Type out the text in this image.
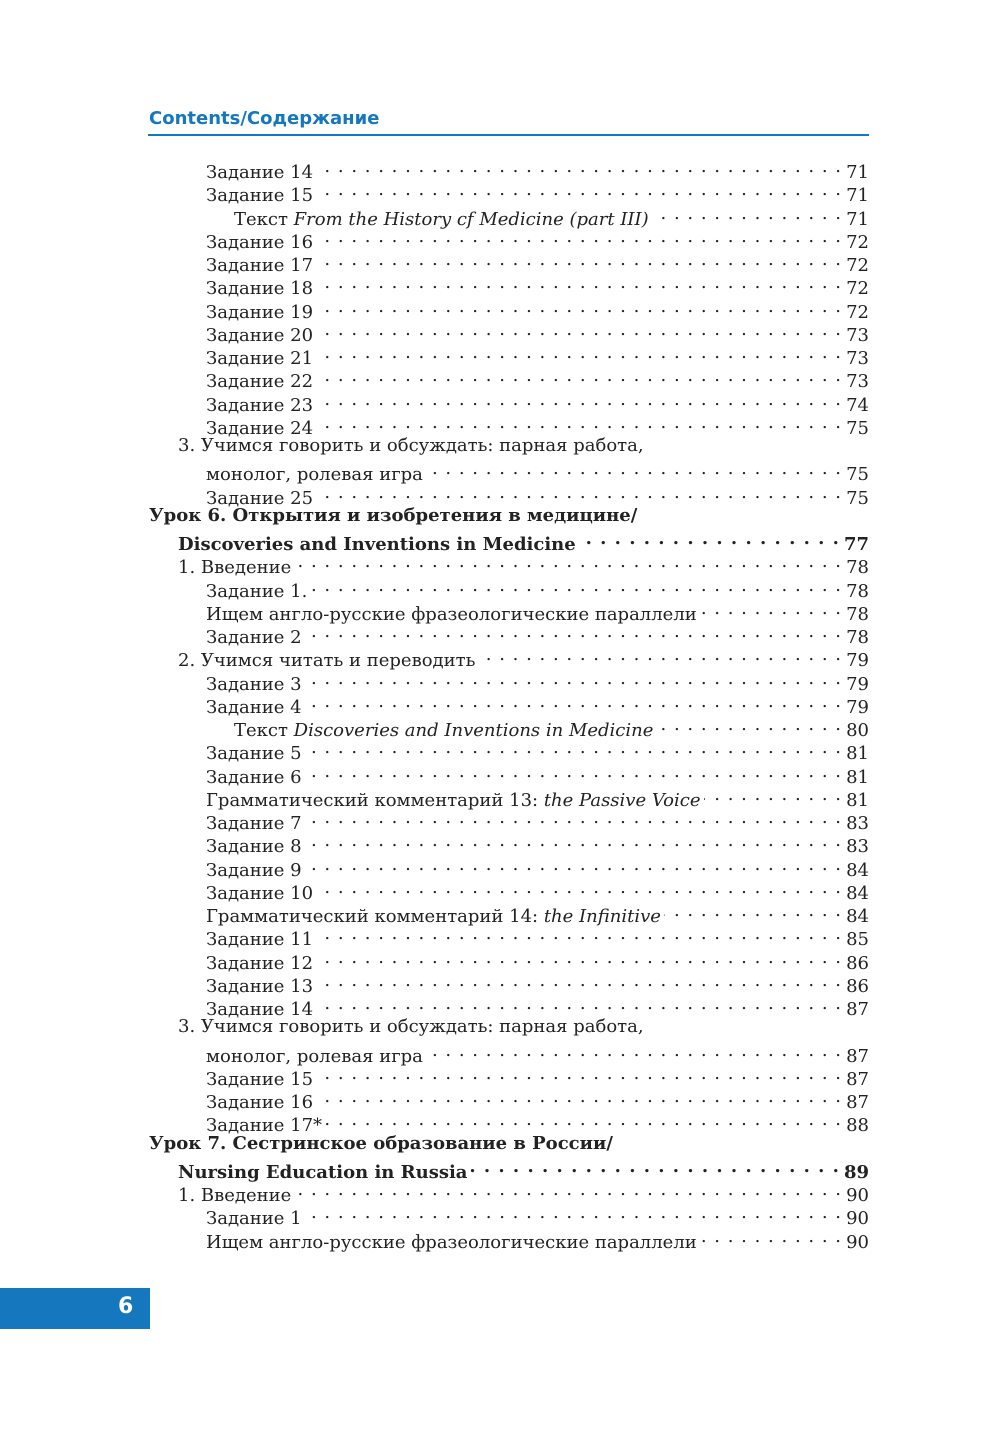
Contents/Содержание
Задание 14 . . .	71
Задание 15 . . .	71
Текст From the History cf Medicine (part III) . . .	71
Задание 16 . . .	72
Задание 17 . . .	72
Задание 18 . . .	72
Задание 19 . . .	72
Задание 20 . . .	73
Задание 21 . . .	73
Задание 22 . . .	73
Задание 23 . . .	74
Задание 24 . . .	75
3. Учимся говорить и обсуждать: парная работа,
монолог, ролевая игра . . .	75
Задание 25 . . .	75
Урок 6. Открытия и изобретения в медицине/
Discoveries and Inventions in Medicine . . .	77
1. Введение . . .	78
Задание 1. . . .	78
Ищем англо-русские фразеологические параллели . . .	78
Задание 2 . . .	78
2. Учимся читать и переводить . . .	79
Задание 3 . . .	79
Задание 4 . . .	79
Текст Discoveries and Inventions in Medicine . . .	80
Задание 5 . . .	81
Задание 6 . . .	81
Грамматический комментарий 13: the Passive Voice . . .	81
Задание 7 . . .	83
Задание 8 . . .	83
Задание 9 . . .	84
Задание 10 . . .	84
Грамматический комментарий 14: the Infinitive . . .	84
Задание 11 . . .	85
Задание 12 . . .	86
Задание 13 . . .	86
Задание 14 . . .	87
3. Учимся говорить и обсуждать: парная работа,
монолог, ролевая игра . . .	87
Задание 15 . . .	87
Задание 16 . . .	87
Задание 17* . . .	88
Урок 7. Сестринское образование в России/
Nursing Education in Russia . . .	89
1. Введение . . .	90
Задание 1 . . .	90
Ищем англо-русские фразеологические параллели . . .	90
6
